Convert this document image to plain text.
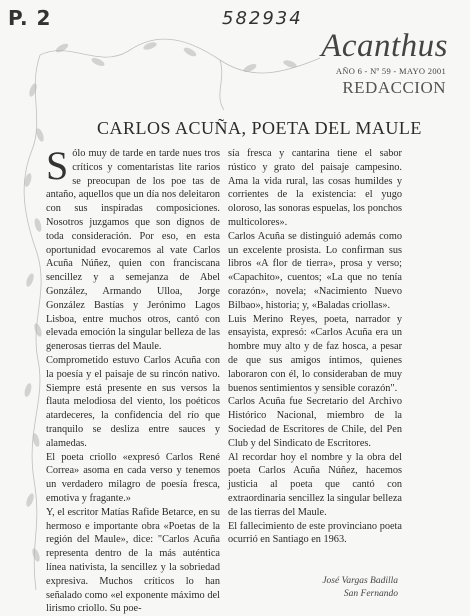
P. 2	582934
Acanthus
AÑO 6 - Nº 59 - MAYO 2001
REDACCION
CARLOS ACUÑA, POETA DEL MAULE

Sólo muy de tarde en tarde nues tros críticos y comentaristas lite rarios se preocupan de los poe tas de antaño, aquellos que un día nos deleitaron con sus inspiradas composiciones. Nosotros juzgamos que son dignos de toda consideración. Por eso, en esta oportunidad evocaremos al vate Carlos Acuña Núñez, quien con franciscana sencillez y a semejanza de Abel González, Armando Ulloa, Jorge González Bastías y Jerónimo Lagos Lisboa, entre muchos otros, cantó con elevada emoción la singular belleza de las generosas tierras del Maule.

Comprometido estuvo Carlos Acuña con la poesía y el paisaje de su rincón nativo. Siempre está presente en sus versos la flauta melodiosa del viento, los poéticos atardeceres, la confidencia del río que tranquilo se desliza entre sauces y alamedas.

El poeta criollo «expresó Carlos René Correa» asoma en cada verso y tenemos un verdadero milagro de poesía fresca, emotiva y fragante.»

Y, el escritor Matías Rafide Betarce, en su hermoso e importante obra «Poetas de la región del Maule», dice: "Carlos Acuña representa dentro de la más auténtica línea nativista, la sencillez y la sobriedad expresiva. Muchos críticos lo han señalado como «el exponente máximo del lirismo criollo. Su poe-

sía fresca y cantarina tiene el sabor rústico y grato del paisaje campesino. Ama la vida rural, las cosas humildes y corrientes de la existencia: el yugo oloroso, las sonoras espuelas, los ponchos multicolores».

Carlos Acuña se distinguió además como un excelente prosista. Lo confirman sus libros «A flor de tierra», prosa y verso; «Capachito», cuentos; «La que no tenía corazón», novela; «Nacimiento Nuevo Bilbao», historia; y, «Baladas criollas».

Luis Merino Reyes, poeta, narrador y ensayista, expresó: «Carlos Acuña era un hombre muy alto y de faz hosca, a pesar de que sus amigos íntimos, quienes laboraron con él, lo consideraban de muy buenos sentimientos y sensible corazón".

Carlos Acuña fue Secretario del Archivo Histórico Nacional, miembro de la Sociedad de Escritores de Chile, del Pen Club y del Sindicato de Escritores.

Al recordar hoy el nombre y la obra del poeta Carlos Acuña Núñez, hacemos justicia al poeta que cantó con extraordinaria sencillez la singular belleza de las tierras del Maule.

El fallecimiento de este provinciano poeta ocurrió en Santiago en 1963.

José Vargas Badilla
San Fernando
